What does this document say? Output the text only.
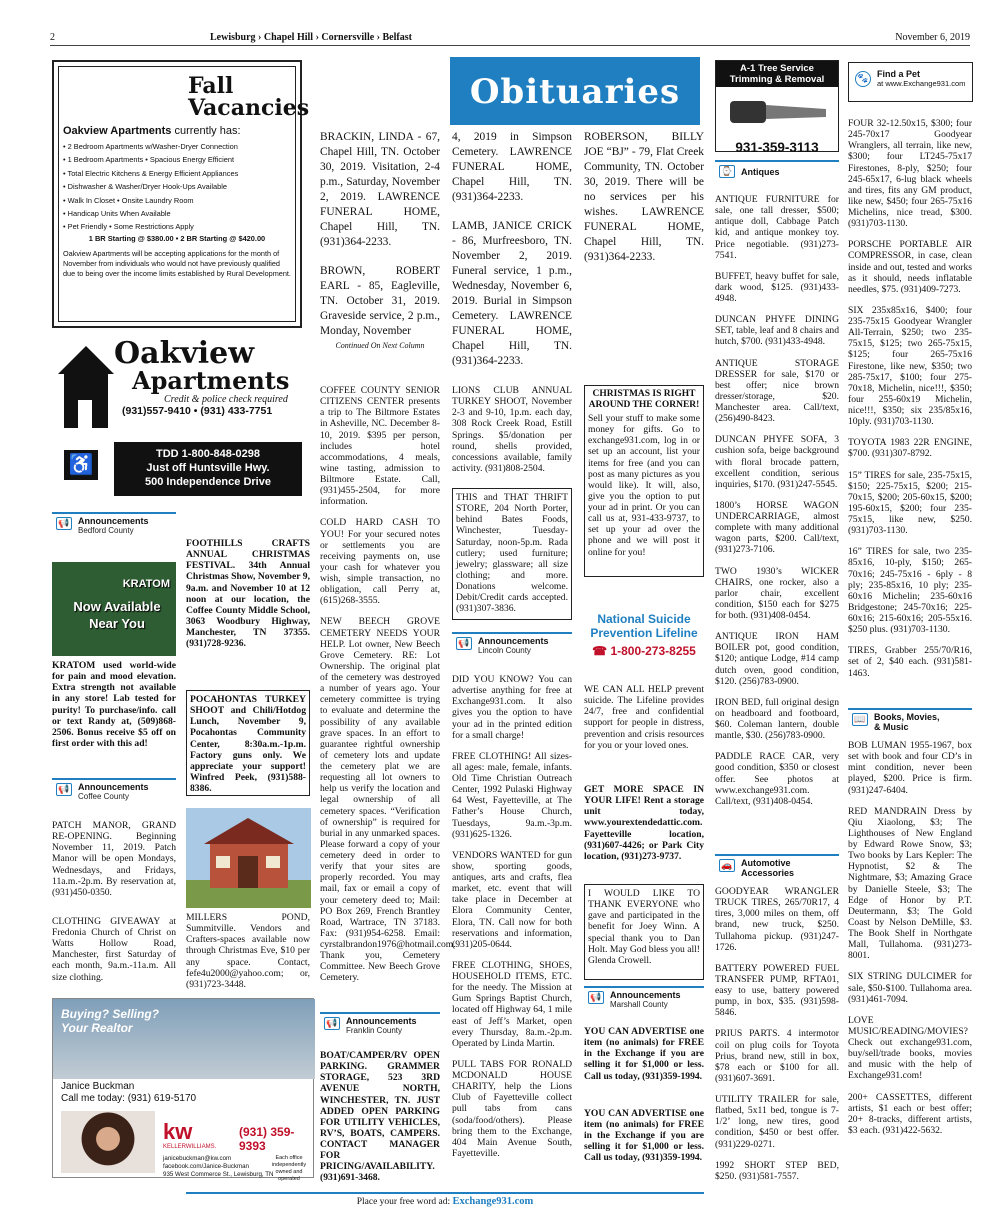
2	Lewisburg › Chapel Hill › Cornersville › Belfast	November 6, 2019
Fall
Vacancies
Oakview Apartments currently has:
• 2 Bedroom Apartments w/Washer-Dryer Connection
• 1 Bedroom Apartments • Spacious Energy Efficient
• Total Electric Kitchens & Energy Efficient Appliances
• Dishwasher & Washer/Dryer Hook-Ups Available
• Walk In Closet • Onsite Laundry Room
• Handicap Units When Available
• Pet Friendly • Some Restrictions Apply
1 BR Starting @ $380.00 • 2 BR Starting @ $420.00
Oakview Apartments will be accepting applications for the month of November from individuals who would not have previously qualified due to being over the income limits established by Rural Development.
Oakview
Apartments
Credit & police check required
(931)557-9410 • (931) 433-7751
♿	TDD 1-800-848-0298
Just off Huntsville Hwy.
500 Independence Drive
📢 Announcements
Bedford County
KRATOM
Now Available Near You
KRATOM used world-wide for pain and mood elevation. Extra strength not available in any store! Lab tested for purity! To purchase/info. call or text Randy at, (509)868-2506. Bonus receive $5 off on first order with this ad!
FOOTHILLS CRAFTS ANNUAL CHRISTMAS FESTIVAL. 34th Annual Christmas Show, November 9, 9a.m. and November 10 at 12 noon at our location, the Coffee County Middle School, 3063 Woodbury Highway, Manchester, TN 37355. (931)728-9236.
POCAHONTAS TURKEY SHOOT and Chili/Hotdog Lunch, November 9, Pocahontas Community Center, 8:30a.m.-1p.m. Factory guns only. We appreciate your support! Winfred Peek, (931)588-8386.
📢 Announcements
Coffee County
PATCH MANOR, GRAND RE-OPENING. Beginning November 11, 2019. Patch Manor will be open Mondays, Wednesdays, and Fridays, 11a.m.-2p.m. By reservation at, (931)450-0350.
CLOTHING GIVEAWAY at Fredonia Church of Christ on Watts Hollow Road, Manchester, first Saturday of each month, 9a.m.-11a.m. All size clothing.
MILLERS POND, Summitville. Vendors and Crafters-spaces available now through Christmas Eve, $10 per any space. Contact, fefe4u2000@yahoo.com; or, (931)723-3448.
Buying? Selling?
Your Realtor
Janice Buckman
Call me today: (931) 619-5170
kw
KELLERWILLIAMS.
(931) 359-9393
janicebuckman@kw.com
facebook.com/Janice-Buckman
935 West Commerce St., Lewisburg, TN
Each office independently owned and operated
Obituaries
BRACKIN, LINDA - 67, Chapel Hill, TN. October 30, 2019. Visitation, 2-4 p.m., Saturday, November 2, 2019. LAWRENCE FUNERAL HOME, Chapel Hill, TN. (931)364-2233.
BROWN, ROBERT EARL - 85, Eagleville, TN. October 31, 2019. Graveside service, 2 p.m., Monday, November
Continued On Next Column
4, 2019 in Simpson Cemetery. LAWRENCE FUNERAL HOME, Chapel Hill, TN. (931)364-2233.
LAMB, JANICE CRICK - 86, Murfreesboro, TN. November 2, 2019. Funeral service, 1 p.m., Wednesday, November 6, 2019. Burial in Simpson Cemetery. LAWRENCE FUNERAL HOME, Chapel Hill, TN. (931)364-2233.
ROBERSON, BILLY JOE “BJ” - 79, Flat Creek Community, TN. October 30, 2019. There will be no services per his wishes. LAWRENCE FUNERAL HOME, Chapel Hill, TN. (931)364-2233.
COFFEE COUNTY SENIOR CITIZENS CENTER presents a trip to The Biltmore Estates in Asheville, NC. December 8-10, 2019. $395 per person, includes hotel accommodations, 4 meals, wine tasting, admission to Biltmore Estate. Call, (931)455-2504, for more information.
COLD HARD CASH TO YOU! For your secured notes or settlements you are receiving payments on, use your cash for whatever you wish, simple transaction, no obligation, call Perry at, (615)268-3555.
NEW BEECH GROVE CEMETERY NEEDS YOUR HELP. Lot owner, New Beech Grove Cemetery. RE: Lot Ownership. The original plat of the cemetery was destroyed a number of years ago. Your cemetery committee is trying to evaluate and determine the possibility of any available grave spaces. In an effort to guarantee rightful ownership of cemetery lots and update the cemetery plat we are requesting all lot owners to help us verify the location and legal ownership of all cemetery spaces. “Verification of ownership” is required for burial in any unmarked spaces. Please forward a copy of your cemetery deed in order to verify that your sites are properly recorded. You may mail, fax or email a copy of your cemetery deed to; Mail: PO Box 269, French Brantley Road, Wartrace, TN 37183. Fax: (931)954-6258. Email: cyrstalbrandon1976@hotmail.com. Thank you, Cemetery Committee. New Beech Grove Cemetery.
📢 Announcements
Franklin County
BOAT/CAMPER/RV OPEN PARKING. GRAMMER STORAGE, 523 3RD AVENUE NORTH, WINCHESTER, TN. JUST ADDED OPEN PARKING FOR UTILITY VEHICLES, RV’S, BOATS, CAMPERS. CONTACT MANAGER FOR PRICING/AVAILABILITY. (931)691-3468.
LIONS CLUB ANNUAL TURKEY SHOOT, November 2-3 and 9-10, 1p.m. each day, 308 Rock Creek Road, Estill Springs. $5/donation per round, shells provided, concessions available, family activity. (931)808-2504.
THIS and THAT THRIFT STORE, 204 North Porter, behind Bates Foods, Winchester, Tuesday-Saturday, noon-5p.m. Rada cutlery; used furniture; jewelry; glassware; all size clothing; and more. Donations welcome. Debit/Credit cards accepted. (931)307-3836.
📢 Announcements
Lincoln County
DID YOU KNOW? You can advertise anything for free at Exchange931.com. It also gives you the option to have your ad in the printed edition for a small charge!
FREE CLOTHING! All sizes-all ages: male, female, infants. Old Time Christian Outreach Center, 1992 Pulaski Highway 64 West, Fayetteville, at The Father’s House Church, Tuesdays, 9a.m.-3p.m. (931)625-1326.
VENDORS WANTED for gun show, sporting goods, antiques, arts and crafts, flea market, etc. event that will take place in December at Elora Community Center, Elora, TN. Call now for both reservations and information, (931)205-0644.
FREE CLOTHING, SHOES, HOUSEHOLD ITEMS, ETC. for the needy. The Mission at Gum Springs Baptist Church, located off Highway 64, 1 mile east of Jeff’s Market, open every Thursday, 8a.m.-2p.m. Operated by Linda Martin.
PULL TABS FOR RONALD MCDONALD HOUSE CHARITY, help the Lions Club of Fayetteville collect pull tabs from cans (soda/food/others). Please bring them to the Exchange, 404 Main Avenue South, Fayetteville.
CHRISTMAS IS RIGHT AROUND THE CORNER!
Sell your stuff to make some money for gifts. Go to exchange931.com, log in or set up an account, list your items for free (and you can post as many pictures as you would like). It will, also, give you the option to put your ad in print. Or you can call us at, 931-433-9737, to set up your ad over the phone and we will post it online for you!
National Suicide
Prevention Lifeline
☎ 1-800-273-8255
WE CAN ALL HELP prevent suicide. The Lifeline provides 24/7, free and confidential support for people in distress, prevention and crisis resources for you or your loved ones.
GET MORE SPACE IN YOUR LIFE! Rent a storage unit today, www.yourextendedattic.com. Fayetteville location, (931)607-4426; or Park City location, (931)273-9737.
I WOULD LIKE TO THANK EVERYONE who gave and participated in the benefit for Joey Winn. A special thank you to Dan Holt. May God bless you all! Glenda Crowell.
📢 Announcements
Marshall County
YOU CAN ADVERTISE one item (no animals) for FREE in the Exchange if you are selling it for $1,000 or less. Call us today, (931)359-1994.
YOU CAN ADVERTISE one item (no animals) for FREE in the Exchange if you are selling it for $1,000 or less. Call us today, (931)359-1994.
A-1 Tree Service Trimming & Removal
931-359-3113
⌚ Antiques
ANTIQUE FURNITURE for sale, one tall dresser, $500; antique doll, Cabbage Patch kid, and antique monkey toy. Price negotiable. (931)273-7541.
BUFFET, heavy buffet for sale, dark wood, $125. (931)433-4948.
DUNCAN PHYFE DINING SET, table, leaf and 8 chairs and hutch, $700. (931)433-4948.
ANTIQUE STORAGE DRESSER for sale, $170 or best offer; nice brown dresser/storage, $20. Manchester area. Call/text, (256)490-8423.
DUNCAN PHYFE SOFA, 3 cushion sofa, beige background with floral brocade pattern, excellent condition, serious inquiries, $170. (931)247-5545.
1800’s HORSE WAGON UNDERCARRIAGE, almost complete with many additional wagon parts, $200. Call/text, (931)273-7106.
TWO 1930’s WICKER CHAIRS, one rocker, also a parlor chair, excellent condition, $150 each for $275 for both. (931)408-0454.
ANTIQUE IRON HAM BOILER pot, good condition, $120; antique Lodge, #14 camp dutch oven, good condition, $120. (256)783-0900.
IRON BED, full original design on headboard and footboard, $60. Coleman lantern, double mantle, $30. (256)783-0900.
PADDLE RACE CAR, very good condition, $350 or closest offer. See photos at www.exchange931.com. Call/text, (931)408-0454.
🚗 Automotive
Accessories
GOODYEAR WRANGLER TRUCK TIRES, 265/70R17, 4 tires, 3,000 miles on them, off brand, new truck, $250. Tullahoma pickup. (931)247-1726.
BATTERY POWERED FUEL TRANSFER PUMP, RFTA01, easy to use, battery powered pump, in box, $35. (931)598-5846.
PRIUS PARTS. 4 intermotor coil on plug coils for Toyota Prius, brand new, still in box, $78 each or $100 for all. (931)607-3691.
UTILITY TRAILER for sale, flatbed, 5x11 bed, tongue is 7-1/2’ long, new tires, good condition, $450 or best offer. (931)229-0271.
1992 SHORT STEP BED, $250. (931)581-7557.
🐾 Find a Pet
at www.Exchange931.com
FOUR 32-12.50x15, $300; four 245-70x17 Goodyear Wranglers, all terrain, like new, $300; four LT245-75x17 Firestones, 8-ply, $250; four 245-65x17, 6-lug black wheels and tires, fits any GM product, like new, $450; four 265-75x16 Michelins, nice tread, $300. (931)703-1130.
PORSCHE PORTABLE AIR COMPRESSOR, in case, clean inside and out, tested and works as it should, needs inflatable needles, $75. (931)409-7273.
SIX 235x85x16, $400; four 235-75x15 Goodyear Wrangler All-Terrain, $250; two 235-75x15, $125; two 265-75x15, $125; four 265-75x16 Firestone, like new, $350; two 285-75x17, $100; four 275-70x18, Michelin, nice!!!, $350; four 255-60x19 Michelin, nice!!!, $350; six 235/85x16, 10ply. (931)703-1130.
TOYOTA 1983 22R ENGINE, $700. (931)307-8792.
15” TIRES for sale, 235-75x15, $150; 225-75x15, $200; 215-70x15, $200; 205-60x15, $200; 195-60x15, $200; four 235-75x15, like new, $250. (931)703-1130.
16” TIRES for sale, two 235-85x16, 10-ply, $150; 265-70x16; 245-75x16 - 6ply - 8 ply; 235-85x16, 10 ply; 235-60x16 Michelin; 235-60x16 Bridgestone; 245-70x16; 225-60x16; 215-60x16; 205-55x16. $250 plus. (931)703-1130.
TIRES, Grabber 255/70/R16, set of 2, $40 each. (931)581-1463.
📖 Books, Movies,
& Music
BOB LUMAN 1955-1967, box set with book and four CD’s in mint condition, never been played, $200. Price is firm. (931)247-6404.
RED MANDRAIN Dress by Qiu Xiaolong, $3; The Lighthouses of New England by Edward Rowe Snow, $3; Two books by Lars Kepler: The Hypnotist, $2 & The Nightmare, $3; Amazing Grace by Danielle Steele, $3; The Edge of Honor by P.T. Deutermann, $3; The Gold Coast by Nelson DeMille, $3. The Book Shelf in Northgate Mall, Tullahoma. (931)273-8001.
SIX STRING DULCIMER for sale, $50-$100. Tullahoma area. (931)461-7094.
LOVE MUSIC/READING/MOVIES? Check out exchange931.com, buy/sell/trade books, movies and music with the help of Exchange931.com!
200+ CASSETTES, different artists, $1 each or best offer; 20+ 8-tracks, different artists, $3 each. (931)422-5632.
Place your free word ad: Exchange931.com
